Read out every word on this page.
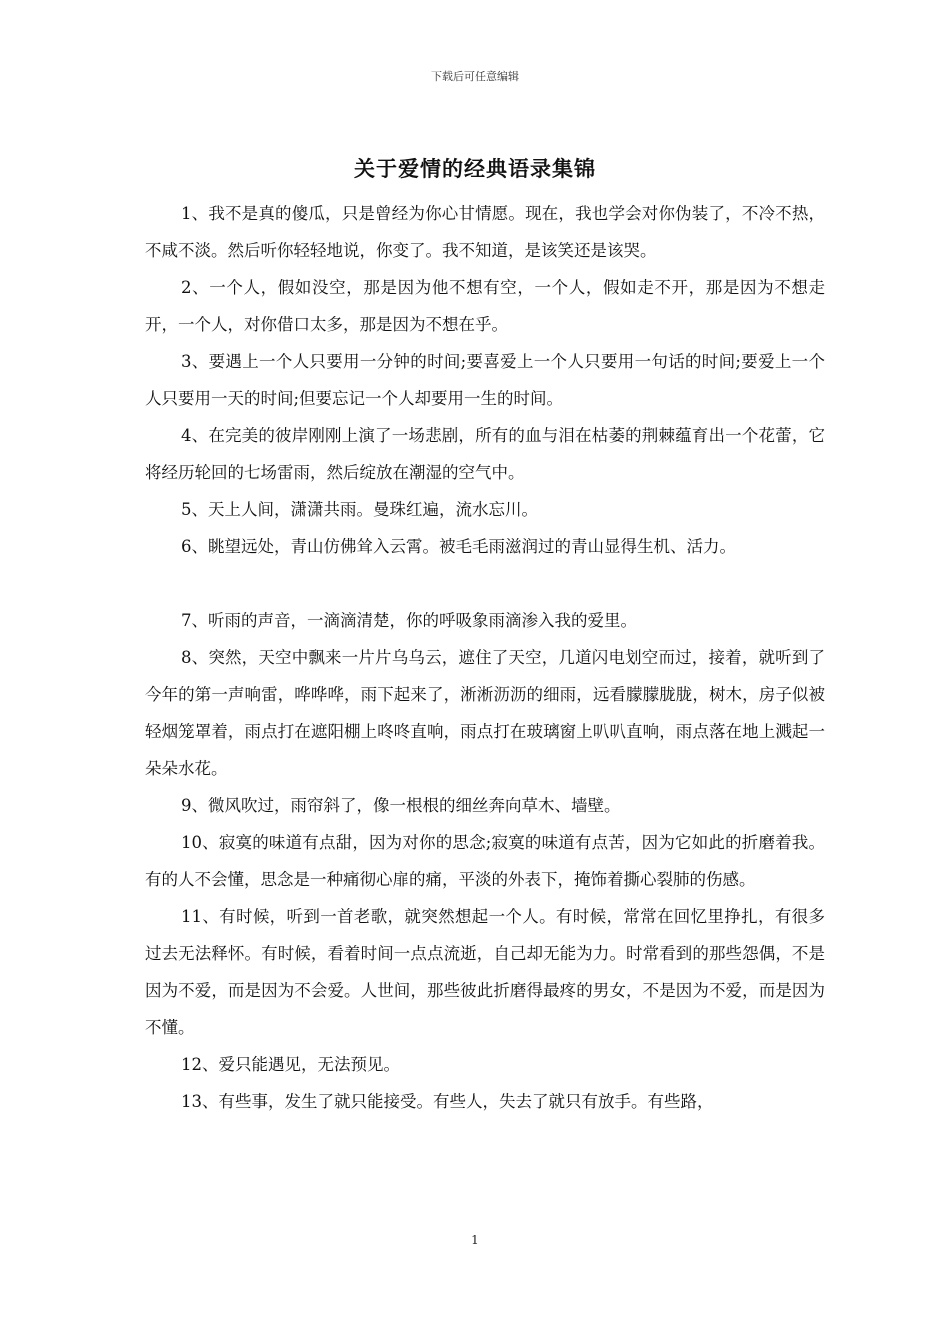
下载后可任意编辑
关于爱情的经典语录集锦

1、我不是真的傻瓜，只是曾经为你心甘情愿。现在，我也学会对你伪装了，不冷不热，不咸不淡。然后听你轻轻地说，你变了。我不知道，是该笑还是该哭。

2、一个人，假如没空，那是因为他不想有空，一个人，假如走不开，那是因为不想走开，一个人，对你借口太多，那是因为不想在乎。

3、要遇上一个人只要用一分钟的时间;要喜爱上一个人只要用一句话的时间;要爱上一个人只要用一天的时间;但要忘记一个人却要用一生的时间。

4、在完美的彼岸刚刚上演了一场悲剧，所有的血与泪在枯萎的荆棘蕴育出一个花蕾，它将经历轮回的七场雷雨，然后绽放在潮湿的空气中。

5、天上人间，潇潇共雨。曼珠红遍，流水忘川。

6、眺望远处，青山仿佛耸入云霄。被毛毛雨滋润过的青山显得生机、活力。

7、听雨的声音，一滴滴清楚，你的呼吸象雨滴渗入我的爱里。

8、突然，天空中飘来一片片乌乌云，遮住了天空，几道闪电划空而过，接着，就听到了今年的第一声响雷，哗哗哗，雨下起来了，淅淅沥沥的细雨，远看朦朦胧胧，树木，房子似被轻烟笼罩着，雨点打在遮阳棚上咚咚直响，雨点打在玻璃窗上叭叭直响，雨点落在地上溅起一朵朵水花。

9、微风吹过，雨帘斜了，像一根根的细丝奔向草木、墙壁。

10、寂寞的味道有点甜，因为对你的思念;寂寞的味道有点苦，因为它如此的折磨着我。有的人不会懂，思念是一种痛彻心扉的痛，平淡的外表下，掩饰着撕心裂肺的伤感。

11、有时候，听到一首老歌，就突然想起一个人。有时候，常常在回忆里挣扎，有很多过去无法释怀。有时候，看着时间一点点流逝，自己却无能为力。时常看到的那些怨偶，不是因为不爱，而是因为不会爱。人世间，那些彼此折磨得最疼的男女，不是因为不爱，而是因为不懂。

12、爱只能遇见，无法预见。

13、有些事，发生了就只能接受。有些人，失去了就只有放手。有些路，

1
